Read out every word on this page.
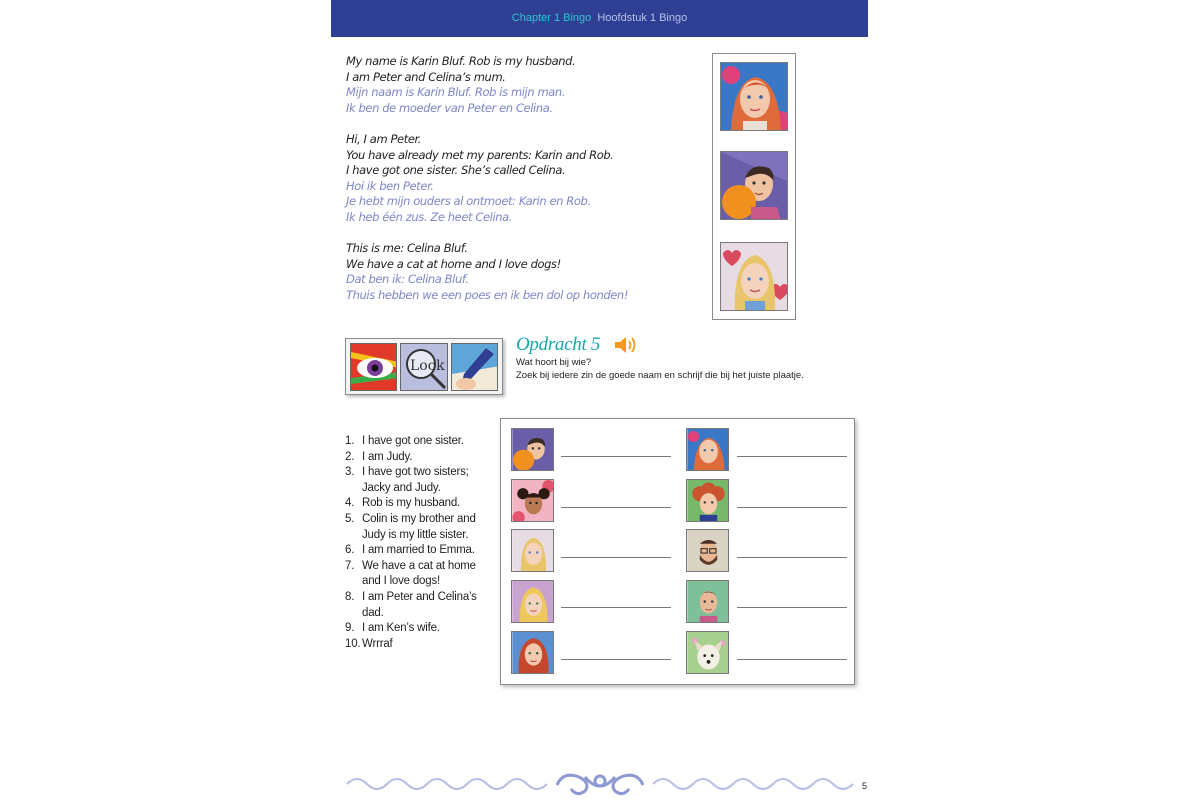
Chapter 1 Bingo Hoofdstuk 1 Bingo
My name is Karin Bluf. Rob is my husband.
I am Peter and Celina’s mum.
Mijn naam is Karin Bluf. Rob is mijn man.
Ik ben de moeder van Peter en Celina.
Hi, I am Peter.
You have already met my parents: Karin and Rob.
I have got one sister. She’s called Celina.
Hoi ik ben Peter.
Je hebt mijn ouders al ontmoet: Karin en Rob.
Ik heb één zus. Ze heet Celina.
This is me: Celina Bluf.
We have a cat at home and I love dogs!
Dat ben ik: Celina Bluf.
Thuis hebben we een poes en ik ben dol op honden!
Look
Opdracht 5
Wat hoort bij wie?
Zoek bij iedere zin de goede naam en schrijf die bij het juiste plaatje.
1. I have got one sister.
2. I am Judy.
3. I have got two sisters;
Jacky and Judy.
4. Rob is my husband.
5. Colin is my brother and
Judy is my little sister.
6. I am married to Emma.
7. We have a cat at home
and I love dogs!
8. I am Peter and Celina’s
dad.
9. I am Ken’s wife.
10. Wrrraf
5
